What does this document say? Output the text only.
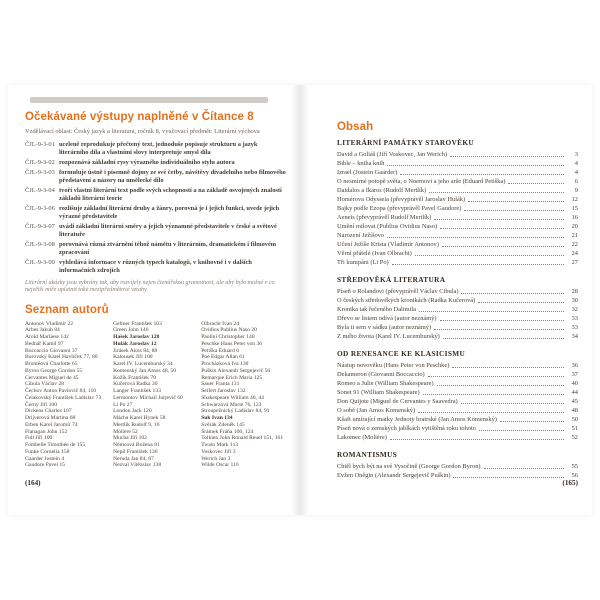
Očekávané výstupy naplněné v Čítance 8

Vzdělávací oblast: Český jazyk a literatura, ročník 8, vyučovací předmět: Literární výchova

ČJL-9-3-01 uceleně reprodukuje přečtený text, jednoduše popisuje strukturu a jazyk literárního díla a vlastními slovy interpretuje smysl díla
ČJL-9-3-02 rozpoznává základní rysy výrazného individuálního stylu autora
ČJL-9-3-03 formuluje ústně i písemně dojmy ze své četby, návštěvy divadelního nebo filmového představení a názory na umělecké dílo
ČJL-9-3-04 tvoří vlastní literární text podle svých schopností a na základě osvojených znalostí základů literární teorie
ČJL-9-3-06 rozlišuje základní literární druhy a žánry, porovná je i jejich funkci, uvede jejich výrazné představitele
ČJL-9-3-07 uvádí základní literární směry a jejich významné představitele v české a světové literatuře
ČJL-9-3-08 porovnává různá ztvárnění téhož námětu v literárním, dramatickém i filmovém zpracování
ČJL-9-3-09 vyhledává informace v různých typech katalogů, v knihovně i v dalších informačních zdrojích

Literární ukázky jsou vybrány tak, aby rozvíjely nejen čtenářskou gramotnost, ale aby bylo možné v co největší míře uplatnit také mezipředmětové vztahy.

Seznam autorů
Antonov Vladimír 22
Arbes Jakub 84
Arold Marliese 142
Bednář Kamil 97
Boccaccio Giovanni 37
Borovský Karel Havlíček 77, 80
Brontëová Charlotte 65
Byron George Gordon 55
Cervantes Miguel de 45
Cibula Václav 28
Čechov Anton Pavlovič 84, 110
Čelakovský František Ladislav 73
Černý Jiří 100
Dickens Charles 107
Drijverová Martina 68
Erben Karel Jaromír 74
Flanagan John 152
Fidl Jiří 100
Fombelle Timothée de 155
Funke Cornelia 158
Gaarder Jostein 4
Gaudore Pavel 15
Gellner František 103
Green John 146
Hašek Jaroslav 128
Hulák Jaroslav 12
Jirásek Alois 84, 88
Kalousek Jiří 100
Karel IV. Lucemburský 34
Komenský Jan Amos 48, 50
Kožík František 70
Kučerová Radka 30
Langer František 133
Lermontov Michail Jurjevič 60
Li Po 27
London Jack 120
Mácha Karel Hynek 58
Mertlík Rudolf 9, 16
Molière 52
Mucha Jiří 102
Němcová Božena 81
Nepil František 136
Neruda Jan 84, 87
Nezval Vítězslav 138
Olbracht Ivan 24
Ovidius Publius Naso 20
Paolini Christopher 148
Peschke Hans Peter von 36
Petiška Eduard 6
Poe Edgar Allan 61
Procházková Iva 130
Puškin Alexandr Sergejevič 56
Remarque Erich Maria 125
Sauer Franta 131
Seifert Jaroslav 132
Shakespeare William 40, 44
Schwarzová Marie 76, 123
Stroupežnický Ladislav 84, 91
Suk Ivan 134
Svěrák Zdeněk 145
Šrámek Fráňa 106, 124
Tolkien John Ronald Reuel 151, 161
Twain Mark 113
Voskovec Jiří 3
Werich Jan 3
Wilde Oscar 116
(164)
Obsah
LITERÁRNÍ PAMÁTKY STAROVĚKU
David a Goliáš (Jiří Voskovec, Jan Werich)	3
Bible – kniha knih	4
Izrael (Jostein Gaarder)	4
O nesmírné potopě světa, o Noemovi a jeho arše (Eduard Petiška)	6
Daidalos a Ikaros (Rudolf Mertlík)	9
Homérova Odysseia (převyprávěl Jaroslav Hulák)	12
Bajky podle Ezopa (převyprávěl Pavel Gaudore)	15
Aeneis (převyprávěl Rudolf Mertlík)	16
Umění milovat (Publius Ovidius Naso)	20
Narození Ježíšovo	21
Učení Ježíše Krista (Vladimír Antonov)	22
Věrní přátelé (Ivan Olbracht)	24
Tři kumpáni (Li Po)	27
STŘEDOVĚKÁ LITERATURA
Píseň o Rolandovi (převyprávěl Václav Cibula)	28
O českých středověkých kronikách (Radka Kučerová)	30
Kronika tak řečeného Dalimila	32
Dřevo se listem odívá (autor neznámý)	33
Byla ti sem v sádku (autor neznámý)	33
Z mého života (Karel IV. Lucemburský)	34
OD RENESANCE KE KLASICISMU
Nástup novověku (Hans Peter von Peschke)	36
Dekameron (Giovanni Boccaccio)	37
Romeo a Julie (William Shakespeare)	40
Sonet 91 (William Shakespeare)	44
Don Quijote (Miguel de Cervantes y Saavedra)	45
O sobě (Jan Amos Komenský)	48
Kšaft umírající matky Jednoty bratrské (Jan Amos Komenský)	50
Píseň nová o zemských jablkách vytištěná roku tohoto	51
Lakomec (Molière)	52
ROMANTISMUS
Chtěl bych být na své Vysočině (George Gordon Byron)	55
Evžen Oněgin (Alexandr Sergejevič Puškin)	56
(165)
